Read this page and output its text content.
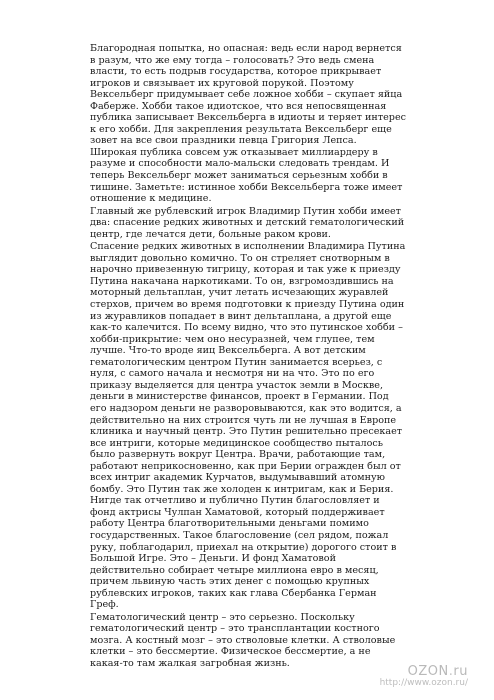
Благородная попытка, но опасная: ведь если народ вернется в разум, что же ему тогда – голосовать? Это ведь смена власти, то есть подрыв государства, которое прикрывает игроков и связывает их круговой порукой. Поэтому Вексельберг придумывает себе ложное хобби – скупает яйца Фаберже. Хобби такое идиотское, что вся непосвященная публика записывает Вексельберга в идиоты и теряет интерес к его хобби. Для закрепления результата Вексельберг еще зовет на все свои праздники певца Григория Лепса. Широкая публика совсем уж отказывает миллиардеру в разуме и способности мало-мальски следовать трендам. И теперь Вексельберг может заниматься серьезным хобби в тишине. Заметьте: истинное хобби Вексельберга тоже имеет отношение к медицине.

Главный же рублевский игрок Владимир Путин хобби имеет два: спасение редких животных и детский гематологический центр, где лечатся дети, больные раком крови.

Спасение редких животных в исполнении Владимира Путина выглядит довольно комично. То он стреляет снотворным в нарочно привезенную тигрицу, которая и так уже к приезду Путина накачана наркотиками. То он, взгромоздившись на моторный дельтаплан, учит летать исчезающих журавлей стерхов, причем во время подготовки к приезду Путина один из журавликов попадает в винт дельтаплана, а другой еще как-то калечится. По всему видно, что это путинское хобби – хобби-прикрытие: чем оно несуразней, чем глупее, тем лучше. Что-то вроде яиц Вексельберга. А вот детским гематологическим центром Путин занимается всерьез, с нуля, с самого начала и несмотря ни на что. Это по его приказу выделяется для центра участок земли в Москве, деньги в министерстве финансов, проект в Германии. Под его надзором деньги не разворовываются, как это водится, а действительно на них строится чуть ли не лучшая в Европе клиника и научный центр. Это Путин решительно пресекает все интриги, которые медицинское сообщество пыталось было развернуть вокруг Центра. Врачи, работающие там, работают неприкосновенно, как при Берии огражден был от всех интриг академик Курчатов, выдумывавший атомную бомбу. Это Путин так же холоден к интригам, как и Берия. Нигде так отчетливо и публично Путин благословляет и фонд актрисы Чулпан Хаматовой, который поддерживает работу Центра благотворительными деньгами помимо государственных. Такое благословение (сел рядом, пожал руку, поблагодарил, приехал на открытие) дорогого стоит в Большой Игре. Это – Деньги. И фонд Хаматовой действительно собирает четыре миллиона евро в месяц, причем львиную часть этих денег с помощью крупных рублевских игроков, таких как глава Сбербанка Герман Греф.

Гематологический центр – это серьезно. Поскольку гематологический центр – это трансплантации костного мозга. А костный мозг – это стволовые клетки. А стволовые клетки – это бессмертие. Физическое бессмертие, а не какая-то там жалкая загробная жизнь.

OZON.ru
http://www.ozon.ru/
